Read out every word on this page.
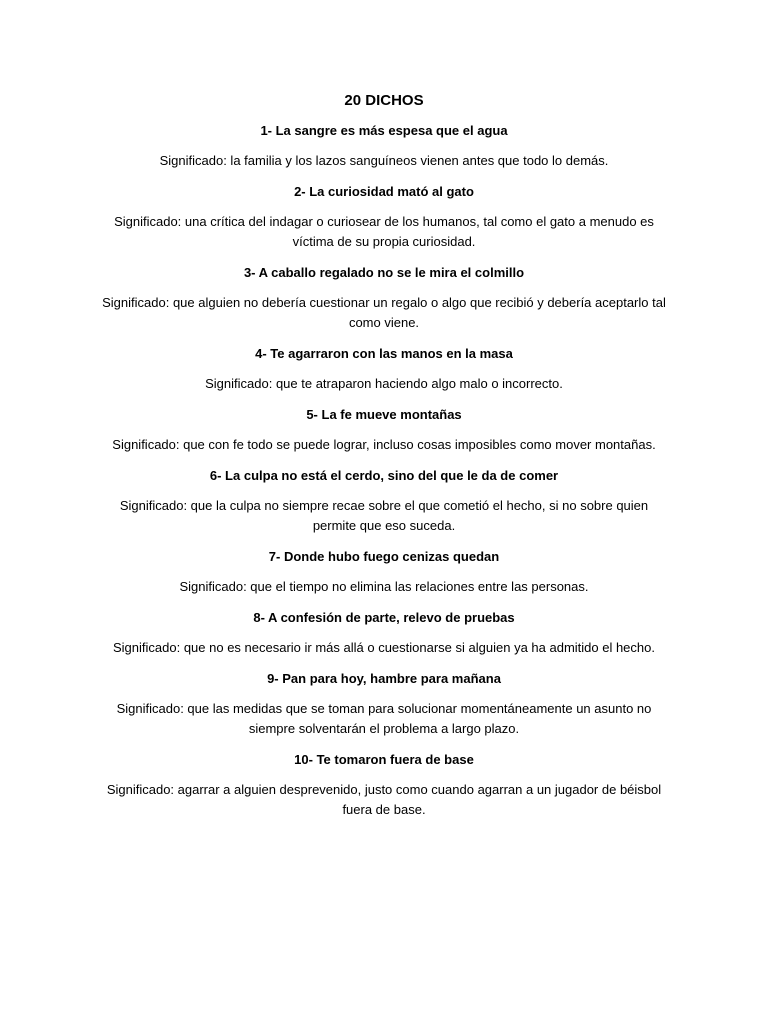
20 DICHOS

1- La sangre es más espesa que el agua

Significado: la familia y los lazos sanguíneos vienen antes que todo lo demás.

2- La curiosidad mató al gato

Significado: una crítica del indagar o curiosear de los humanos, tal como el gato a menudo es víctima de su propia curiosidad.

3- A caballo regalado no se le mira el colmillo

Significado: que alguien no debería cuestionar un regalo o algo que recibió y debería aceptarlo tal como viene.

4- Te agarraron con las manos en la masa

Significado: que te atraparon haciendo algo malo o incorrecto.

5- La fe mueve montañas

Significado: que con fe todo se puede lograr, incluso cosas imposibles como mover montañas.

6- La culpa no está el cerdo, sino del que le da de comer

Significado: que la culpa no siempre recae sobre el que cometió el hecho, si no sobre quien permite que eso suceda.

7- Donde hubo fuego cenizas quedan

Significado: que el tiempo no elimina las relaciones entre las personas.

8- A confesión de parte, relevo de pruebas

Significado: que no es necesario ir más allá o cuestionarse si alguien ya ha admitido el hecho.

9- Pan para hoy, hambre para mañana

Significado: que las medidas que se toman para solucionar momentáneamente un asunto no siempre solventarán el problema a largo plazo.

10- Te tomaron fuera de base

Significado: agarrar a alguien desprevenido, justo como cuando agarran a un jugador de béisbol fuera de base.
